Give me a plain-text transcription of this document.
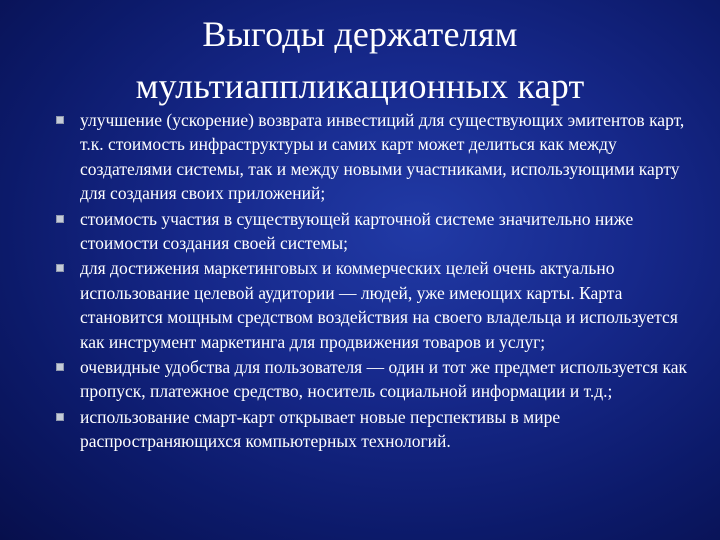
Выгоды держателям
мультиаппликационных карт
улучшение (ускорение) возврата инвестиций для существующих эмитентов карт, т.к. стоимость инфраструктуры и самих карт может делиться как между создателями системы, так и между новыми участниками, использующими карту для создания своих приложений;
стоимость участия в существующей карточной системе значительно ниже стоимости создания своей системы;
для достижения маркетинговых и коммерческих целей очень актуально использование целевой аудитории — людей, уже имеющих карты. Карта становится мощным средством воздействия на своего владельца и используется как инструмент маркетинга для продвижения товаров и услуг;
очевидные удобства для пользователя — один и тот же предмет используется как пропуск, платежное средство, носитель социальной информации и т.д.;
использование смарт-карт открывает новые перспективы в мире распространяющихся компьютерных технологий.
